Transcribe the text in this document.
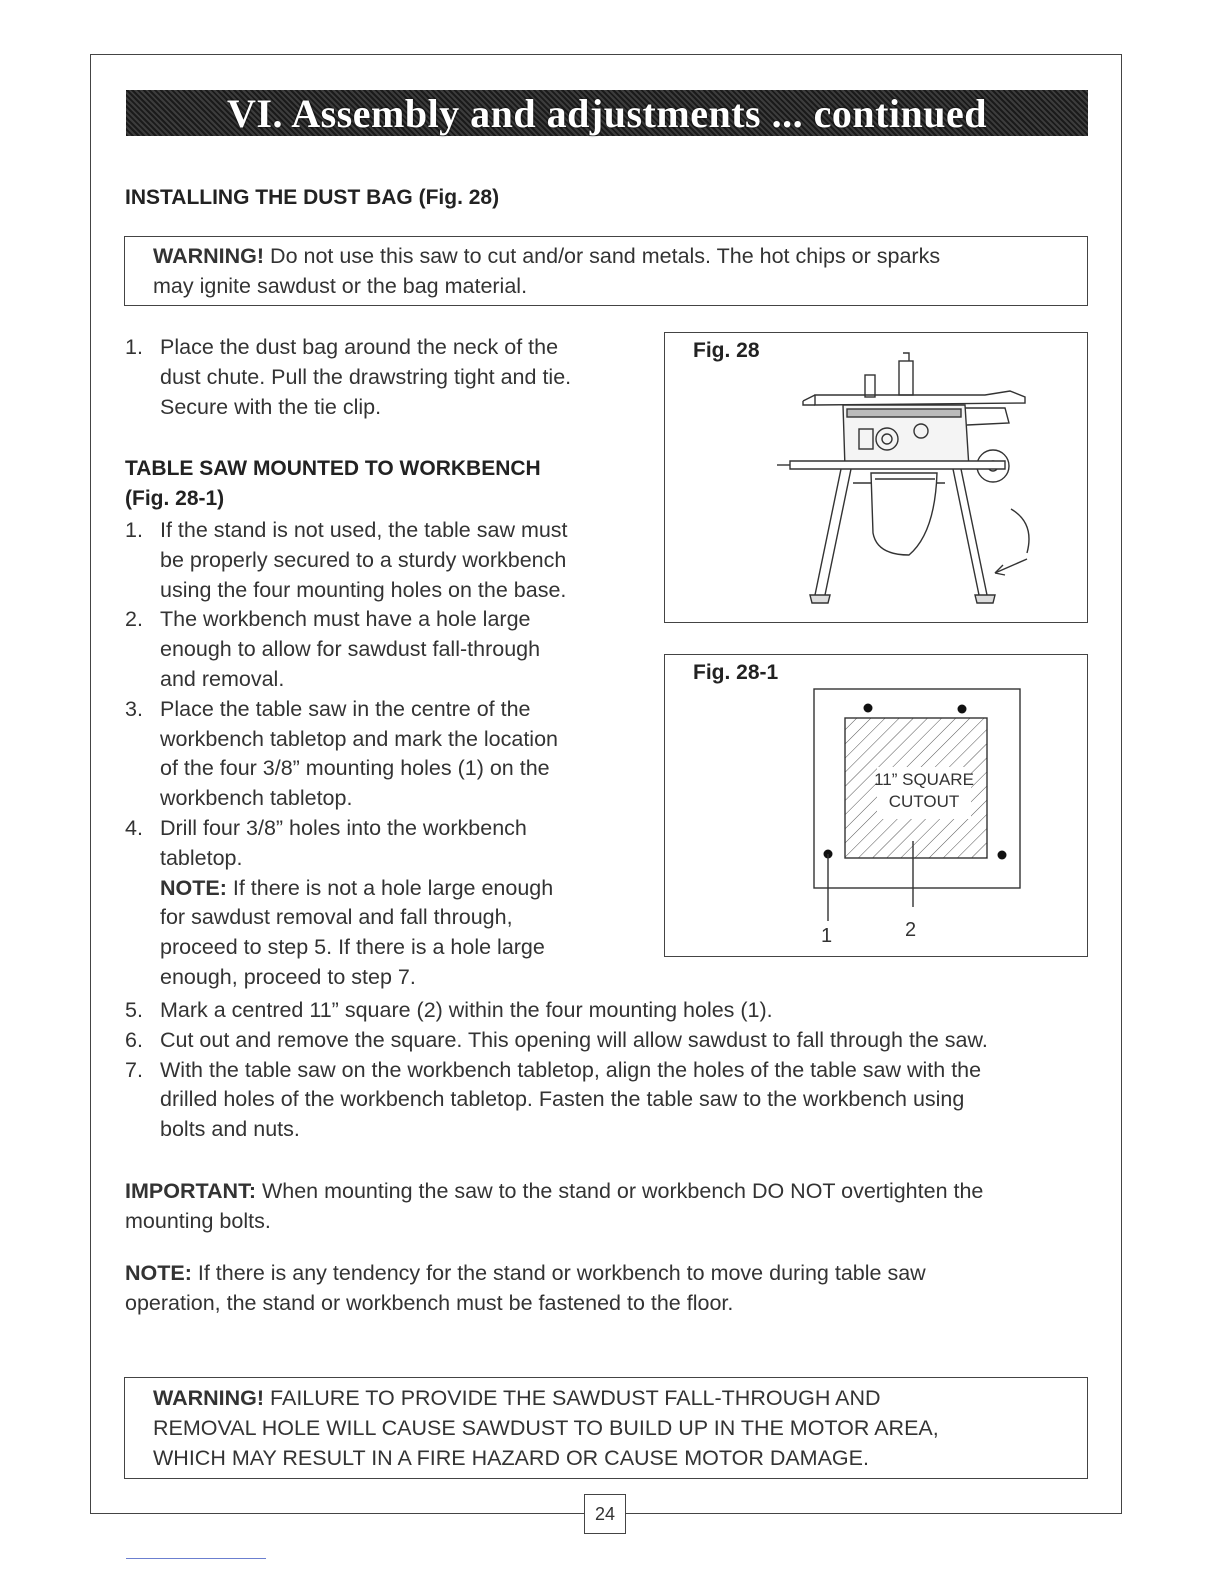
VI. Assembly and adjustments ... continued
INSTALLING THE DUST BAG (Fig. 28)
WARNING! Do not use this saw to cut and/or sand metals. The hot chips or sparks
may ignite sawdust or the bag material.
1. Place the dust bag around the neck of the
dust chute. Pull the drawstring tight and tie.
Secure with the tie clip.
TABLE SAW MOUNTED TO WORKBENCH
(Fig. 28-1)
1. If the stand is not used, the table saw must
be properly secured to a sturdy workbench
using the four mounting holes on the base.
2. The workbench must have a hole large
enough to allow for sawdust fall-through
and removal.
3. Place the table saw in the centre of the
workbench tabletop and mark the location
of the four 3/8” mounting holes (1) on the
workbench tabletop.
4. Drill four 3/8” holes into the workbench
tabletop.
NOTE: If there is not a hole large enough
for sawdust removal and fall through,
proceed to step 5. If there is a hole large
enough, proceed to step 7.
5. Mark a centred 11” square (2) within the four mounting holes (1).
6. Cut out and remove the square. This opening will allow sawdust to fall through the saw.
7. With the table saw on the workbench tabletop, align the holes of the table saw with the
drilled holes of the workbench tabletop. Fasten the table saw to the workbench using
bolts and nuts.
IMPORTANT: When mounting the saw to the stand or workbench DO NOT overtighten the
mounting bolts.
NOTE: If there is any tendency for the stand or workbench to move during table saw
operation, the stand or workbench must be fastened to the floor.
WARNING! FAILURE TO PROVIDE THE SAWDUST FALL-THROUGH AND
REMOVAL HOLE WILL CAUSE SAWDUST TO BUILD UP IN THE MOTOR AREA,
WHICH MAY RESULT IN A FIRE HAZARD OR CAUSE MOTOR DAMAGE.
Fig. 28
Fig. 28-1
11” SQUARE
CUTOUT
1	2
24
